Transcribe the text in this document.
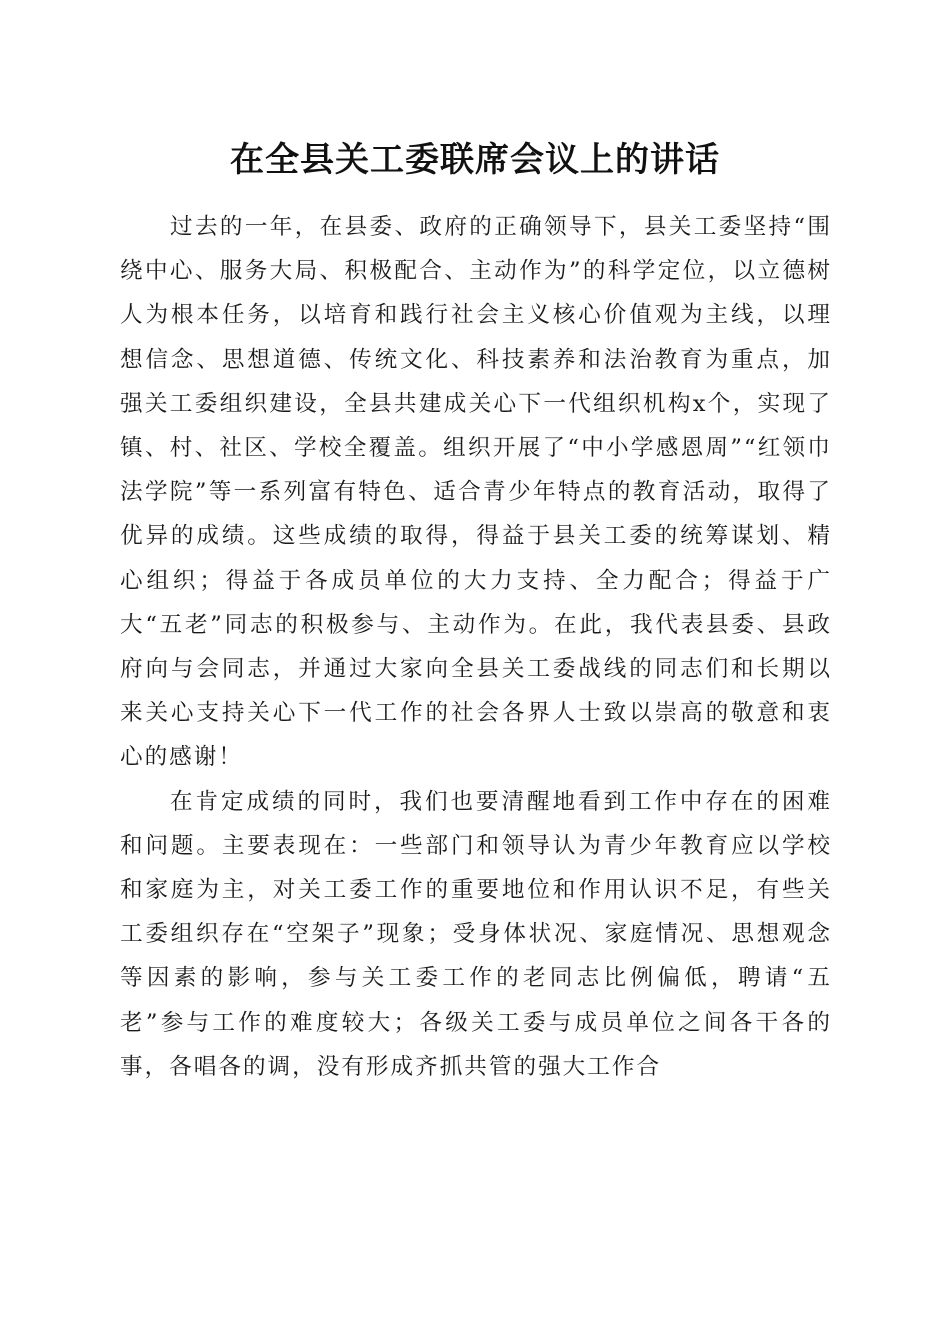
在全县关工委联席会议上的讲话

过去的一年，在县委、政府的正确领导下，县关工委坚持“围绕中心、服务大局、积极配合、主动作为”的科学定位，以立德树人为根本任务，以培育和践行社会主义核心价值观为主线，以理想信念、思想道德、传统文化、科技素养和法治教育为重点，加强关工委组织建设，全县共建成关心下一代组织机构x个，实现了镇、村、社区、学校全覆盖。组织开展了“中小学感恩周”“红领巾法学院”等一系列富有特色、适合青少年特点的教育活动，取得了优异的成绩。这些成绩的取得，得益于县关工委的统筹谋划、精心组织；得益于各成员单位的大力支持、全力配合；得益于广大“五老”同志的积极参与、主动作为。在此，我代表县委、县政府向与会同志，并通过大家向全县关工委战线的同志们和长期以来关心支持关心下一代工作的社会各界人士致以崇高的敬意和衷心的感谢！

在肯定成绩的同时，我们也要清醒地看到工作中存在的困难和问题。主要表现在：一些部门和领导认为青少年教育应以学校和家庭为主，对关工委工作的重要地位和作用认识不足，有些关工委组织存在“空架子”现象；受身体状况、家庭情况、思想观念等因素的影响，参与关工委工作的老同志比例偏低，聘请“五老”参与工作的难度较大；各级关工委与成员单位之间各干各的事，各唱各的调，没有形成齐抓共管的强大工作合
